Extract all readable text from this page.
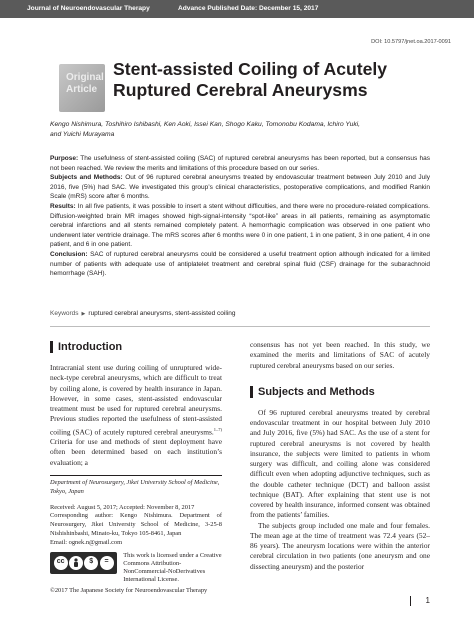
Journal of Neuroendovascular Therapy	Advance Published Date: December 15, 2017
DOI: 10.5797/jnet.oa.2017-0091
Original
Article
Stent-assisted Coiling of Acutely
Ruptured Cerebral Aneurysms
Kengo Nishimura, Toshihiro Ishibashi, Ken Aoki, Issei Kan, Shogo Kaku, Tomonobu Kodama, Ichiro Yuki,
and Yuichi Murayama

Purpose: The usefulness of stent-assisted coiling (SAC) of ruptured cerebral aneurysms has been reported, but a consensus has not been reached. We review the merits and limitations of this procedure based on our series.

Subjects and Methods: Out of 96 ruptured cerebral aneurysms treated by endovascular treatment between July 2010 and July 2016, five (5%) had SAC. We investigated this group’s clinical characteristics, postoperative complications, and modified Rankin Scale (mRS) score after 6 months.

Results: In all five patients, it was possible to insert a stent without difficulties, and there were no procedure-related complications. Diffusion-weighted brain MR images showed high-signal-intensity “spot-like” areas in all patients, remaining as asymptomatic cerebral infarctions and all stents remained completely patent. A hemorrhagic complication was observed in one patient who underwent later ventricle drainage. The mRS scores after 6 months were 0 in one patient, 1 in one patient, 3 in one patient, 4 in one patient, and 6 in one patient.

Conclusion: SAC of ruptured cerebral aneurysms could be considered a useful treatment option although indicated for a limited number of patients with adequate use of antiplatelet treatment and cerebral spinal fluid (CSF) drainage for the subarachnoid hemorrhage (SAH).

Keywords ▶ ruptured cerebral aneurysms, stent-assisted coiling
Introduction
Intracranial stent use during coiling of unruptured wide-neck-type cerebral aneurysms, which are difficult to treat by coiling alone, is covered by health insurance in Japan. However, in some cases, stent-assisted endovascular treatment must be used for ruptured cerebral aneurysms. Previous studies reported the usefulness of stent-assisted coiling (SAC) of acutely ruptured cerebral aneurysms.$^{1-7)}$ Criteria for use and methods of stent deployment have often been determined based on each institution’s evaluation; a
Department of Neurosurgery, Jikei University School of Medicine, Tokyo, Japan
Received: August 5, 2017; Accepted: November 8, 2017
Corresponding author: Kengo Nishimura. Department of Neurosurgery, Jikei University School of Medicine, 3-25-8 Nishishinbashi, Minato-ku, Tokyo 105-8461, Japan
Email: ognek.n@gmail.com
cc	$	=
This work is licensed under a Creative Commons Attribution-NonCommercial-NoDerivatives International License.
©2017 The Japanese Society for Neuroendovascular Therapy
consensus has not yet been reached. In this study, we examined the merits and limitations of SAC of acutely ruptured cerebral aneurysms based on our series.
Subjects and Methods
Of 96 ruptured cerebral aneurysms treated by cerebral endovascular treatment in our hospital between July 2010 and July 2016, five (5%) had SAC. As the use of a stent for ruptured cerebral aneurysms is not covered by health insurance, the subjects were limited to patients in whom surgery was difficult, and coiling alone was considered difficult even when adopting adjunctive techniques, such as the double catheter technique (DCT) and balloon assist technique (BAT). After explaining that stent use is not covered by health insurance, informed consent was obtained from the patients’ families.
The subjects group included one male and four females. The mean age at the time of treatment was 72.4 years (52–86 years). The aneurysm locations were within the anterior cerebral circulation in two patients (one aneurysm and one dissecting aneurysm) and the posterior
1
